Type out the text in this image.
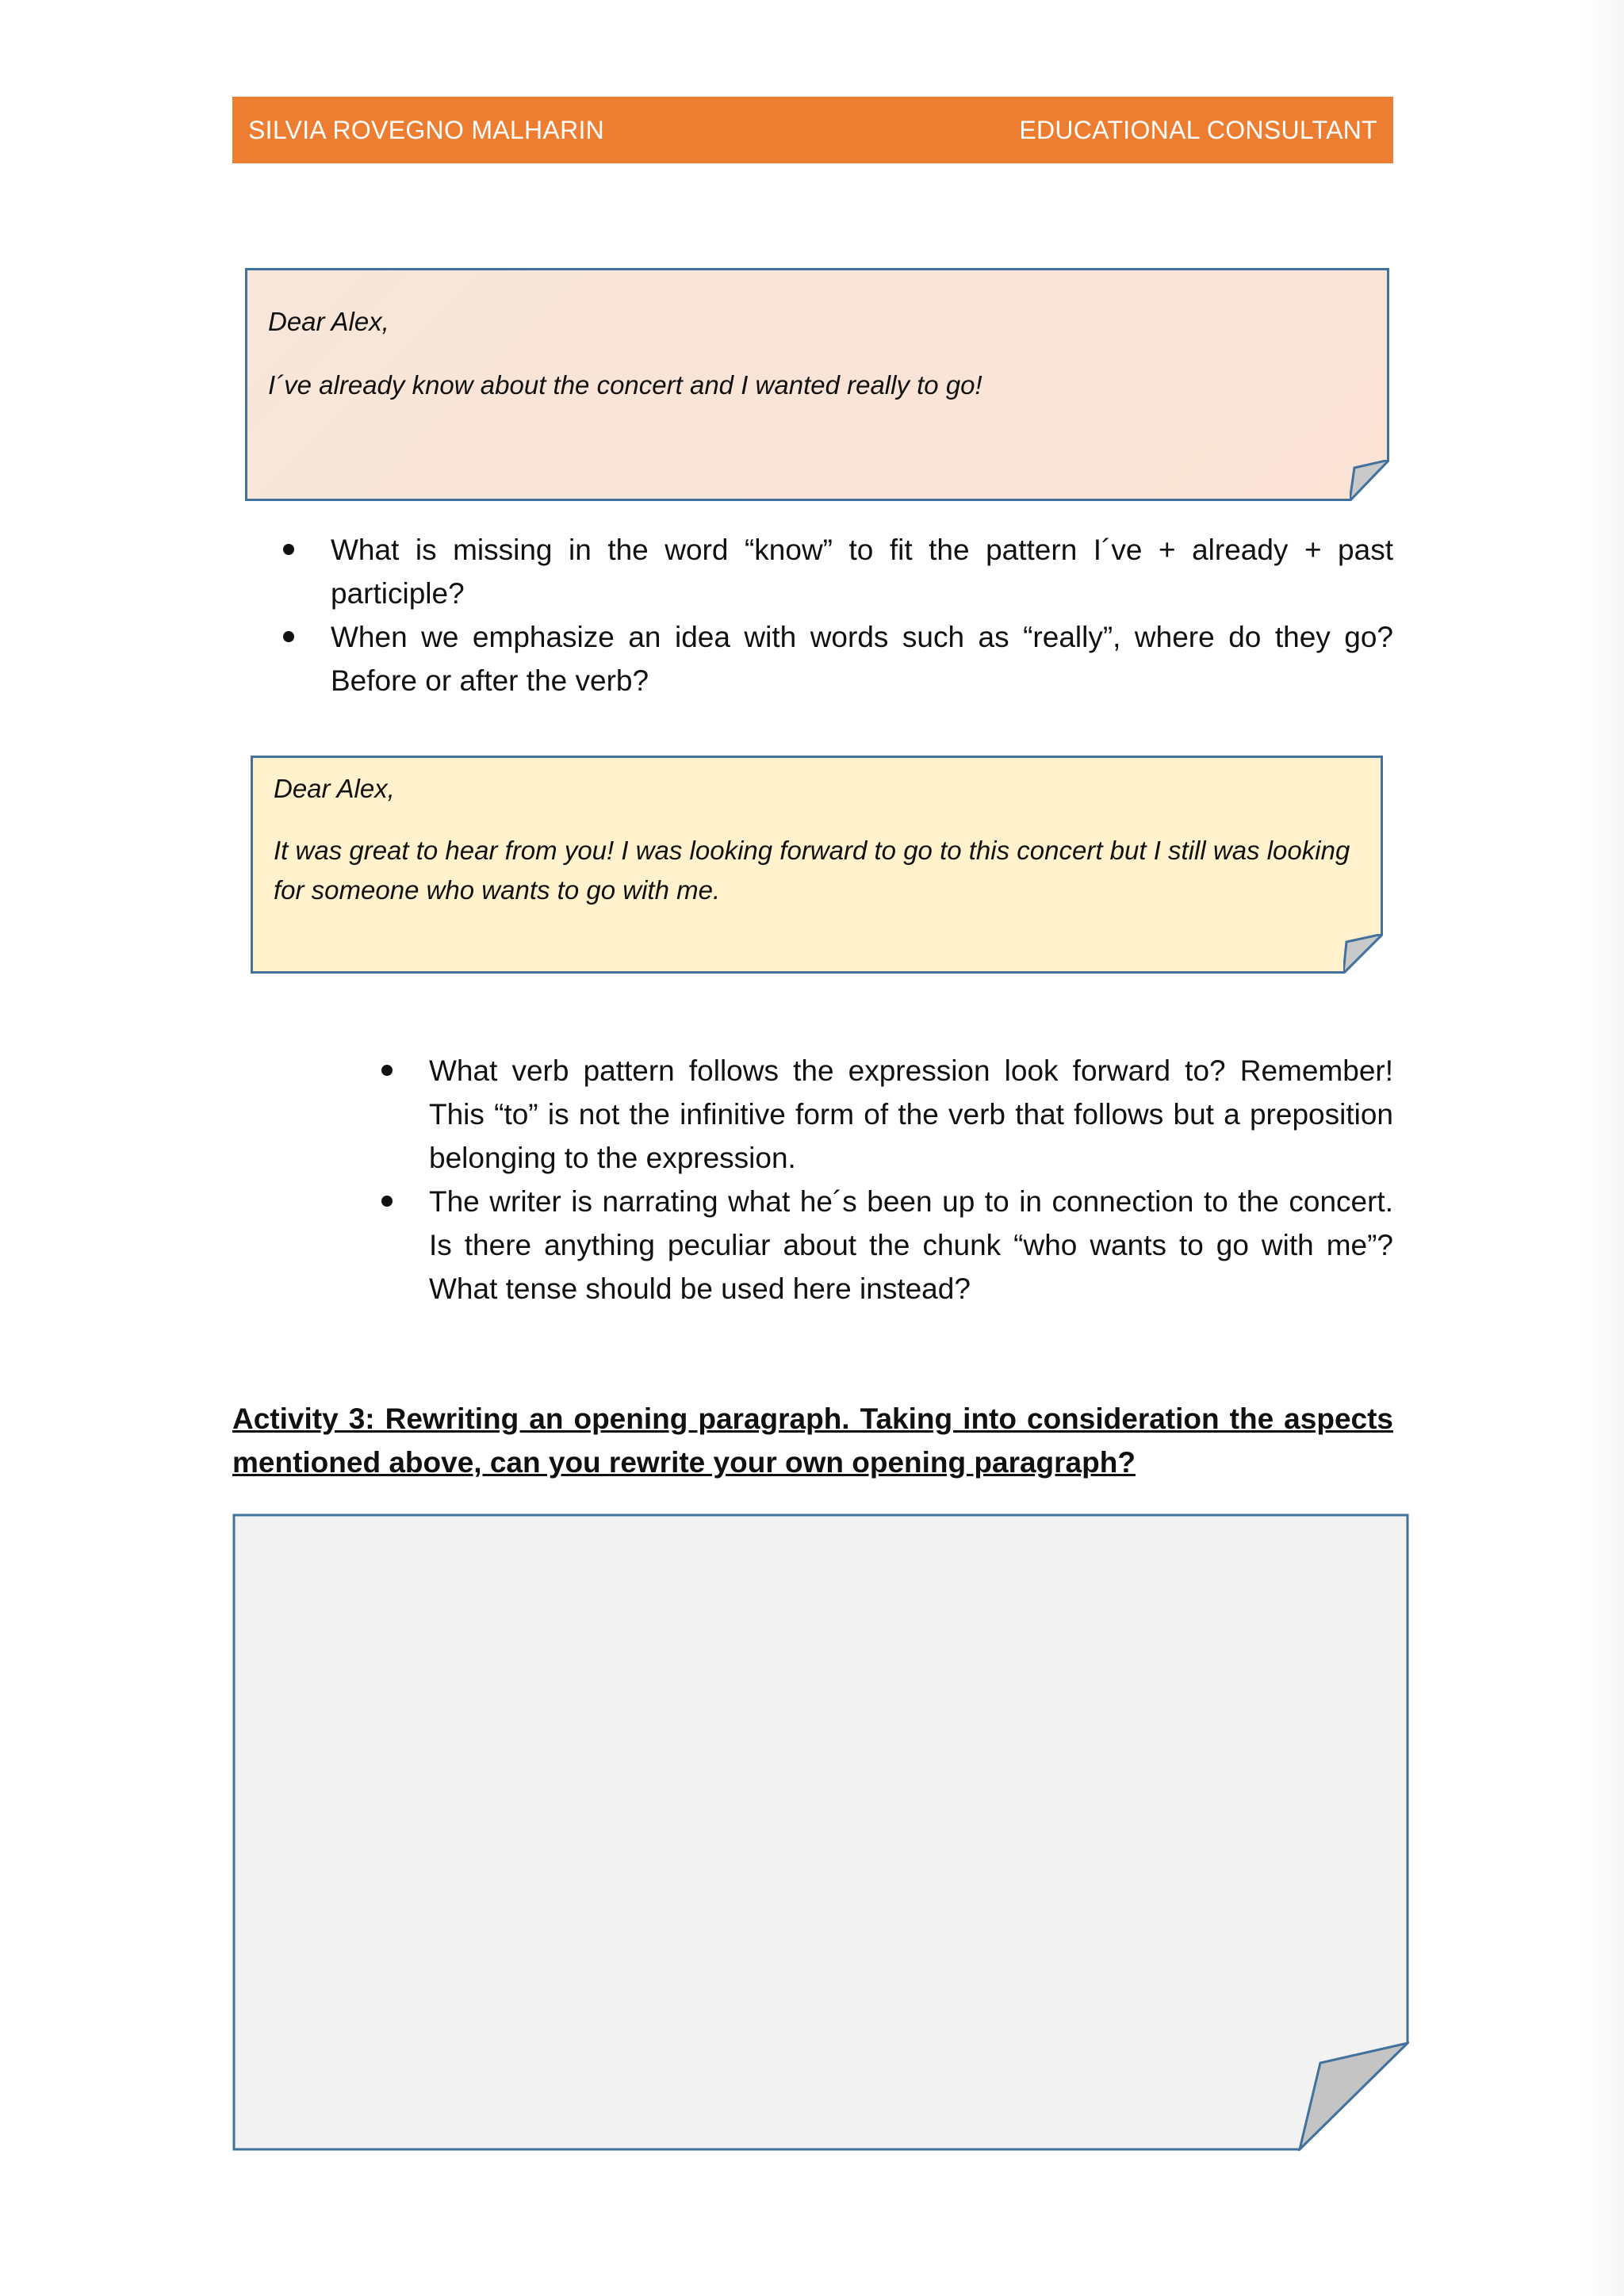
SILVIA ROVEGNO MALHARIN	EDUCATIONAL CONSULTANT

Dear Alex,

I´ve already know about the concert and I wanted really to go!

What is missing in the word “know” to fit the pattern I´ve + already + past participle?
When we emphasize an idea with words such as “really”, where do they go? Before or after the verb?

Dear Alex,

It was great to hear from you! I was looking forward to go to this concert but I still was looking for someone who wants to go with me.

What verb pattern follows the expression look forward to? Remember! This “to” is not the infinitive form of the verb that follows but a preposition belonging to the expression.
The writer is narrating what he´s been up to in connection to the concert. Is there anything peculiar about the chunk “who wants to go with me”? What tense should be used here instead?
Activity 3: Rewriting an opening paragraph. Taking into consideration the aspects mentioned above, can you rewrite your own opening paragraph?
